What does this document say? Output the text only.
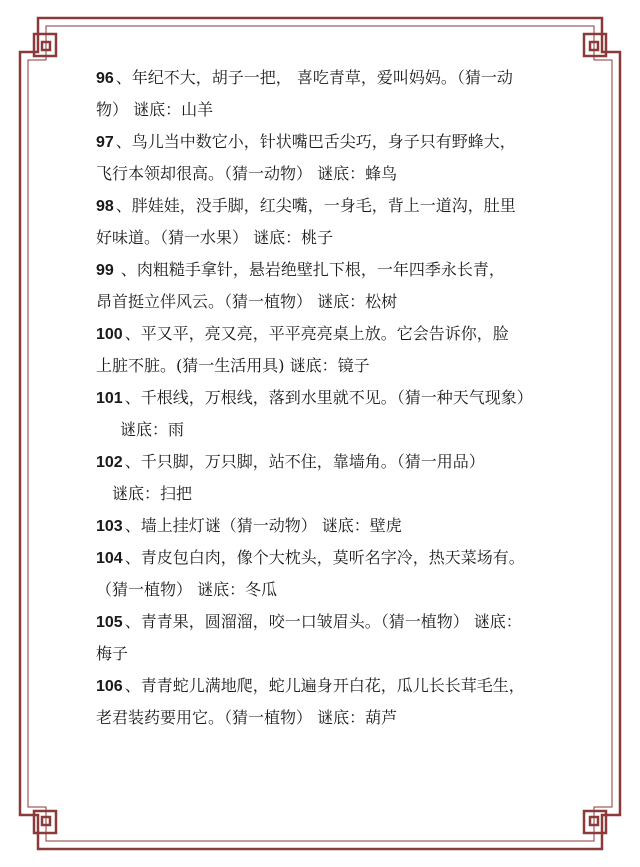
96 、年纪不大，胡子一把， 喜吃青草，爱叫妈妈。（猜一动
物） 谜底：山羊
97 、鸟儿当中数它小，针状嘴巴舌尖巧，身子只有野蜂大，
飞行本领却很高。（猜一动物） 谜底：蜂鸟
98 、胖娃娃，没手脚，红尖嘴，一身毛，背上一道沟，肚里
好味道。（猜一水果） 谜底：桃子
99 、肉粗糙手拿针，悬岩绝壁扎下根，一年四季永长青，
昂首挺立伴风云。（猜一植物） 谜底：松树
100 、平又平，亮又亮，平平亮亮桌上放。它会告诉你，脸
上脏不脏。(猜一生活用具) 谜底：镜子
101 、千根线，万根线，落到水里就不见。（猜一种天气现象）
谜底：雨
102 、千只脚，万只脚，站不住，靠墙角。（猜一用品）
谜底：扫把
103 、墙上挂灯谜（猜一动物） 谜底：壁虎
104 、青皮包白肉，像个大枕头，莫听名字冷，热天菜场有。
（猜一植物） 谜底：冬瓜
105 、青青果，圆溜溜，咬一口皱眉头。（猜一植物） 谜底：
梅子
106 、青青蛇儿满地爬，蛇儿遍身开白花，瓜儿长长茸毛生，
老君装药要用它。（猜一植物） 谜底：葫芦
